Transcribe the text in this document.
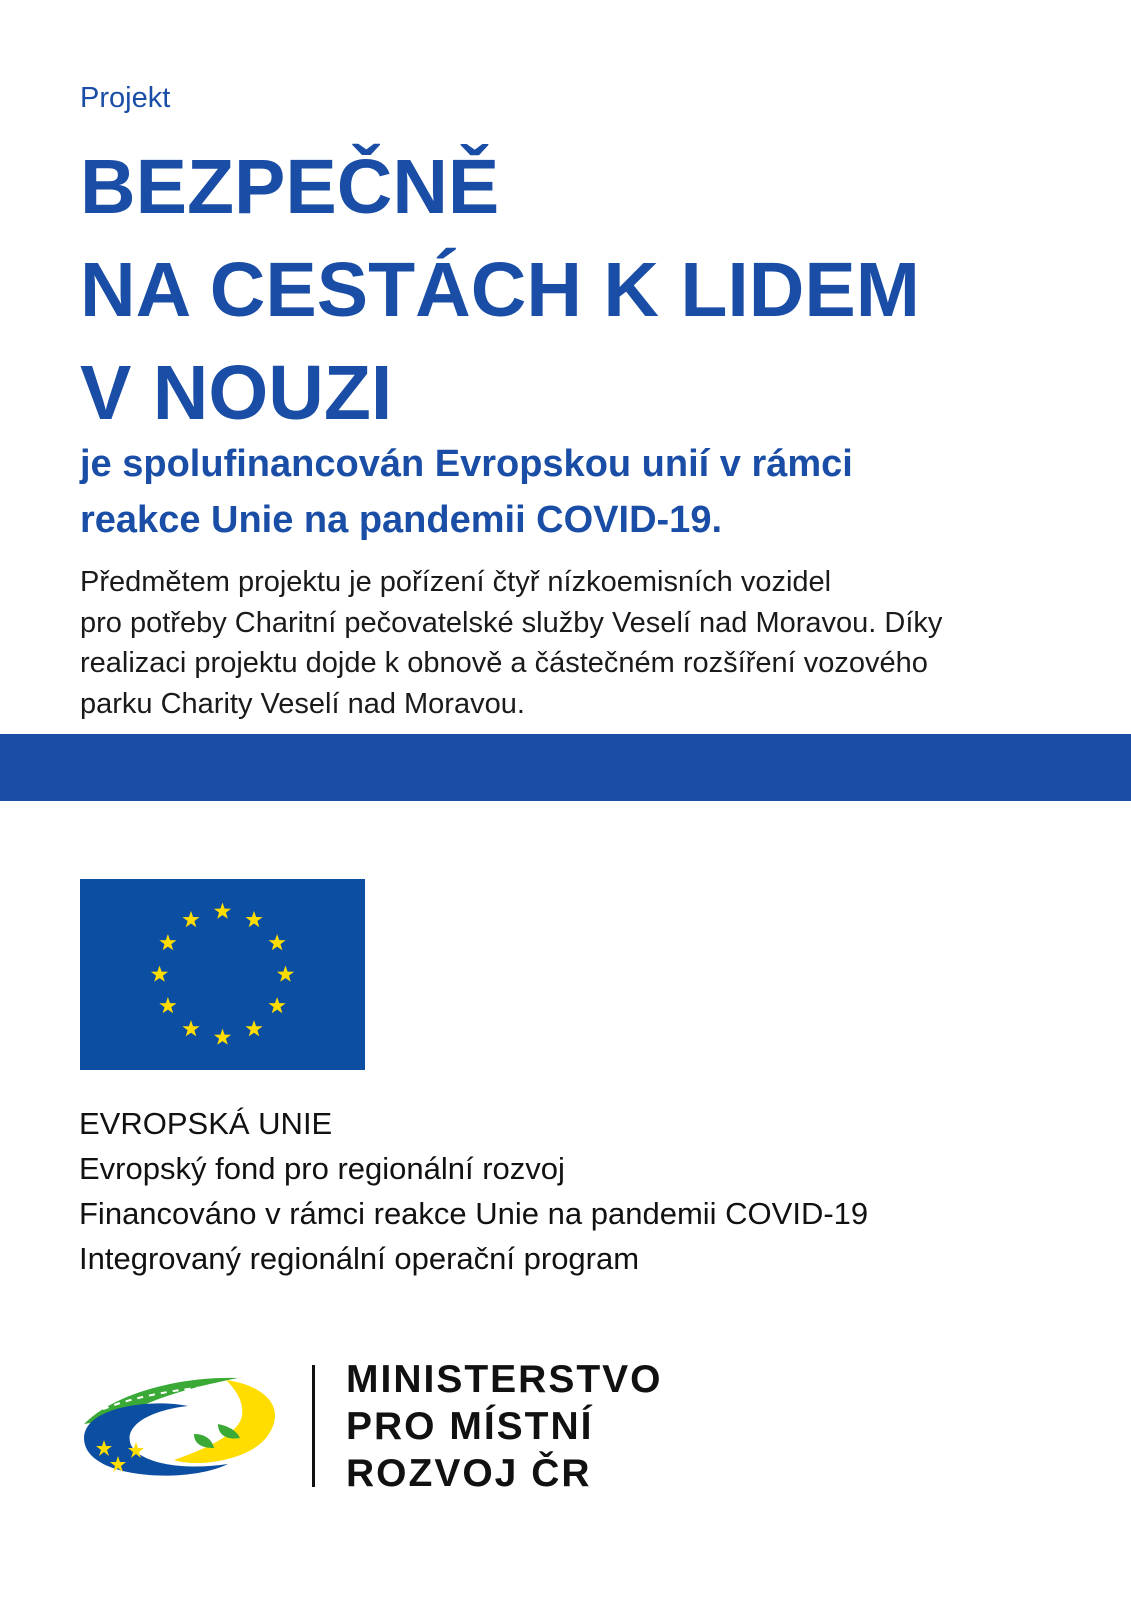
Projekt
BEZPEČNĚ
NA CESTÁCH K LIDEM
V NOUZI

je spolufinancován Evropskou unií v rámci
reakce Unie na pandemii COVID-19.

Předmětem projektu je pořízení čtyř nízkoemisních vozidel
pro potřeby Charitní pečovatelské služby Veselí nad Moravou. Díky
realizaci projektu dojde k obnově a částečném rozšíření vozového
parku Charity Veselí nad Moravou.

EVROPSKÁ UNIE
Evropský fond pro regionální rozvoj
Financováno v rámci reakce Unie na pandemii COVID-19
Integrovaný regionální operační program

MINISTERSTVO
PRO MÍSTNÍ
ROZVOJ ČR
